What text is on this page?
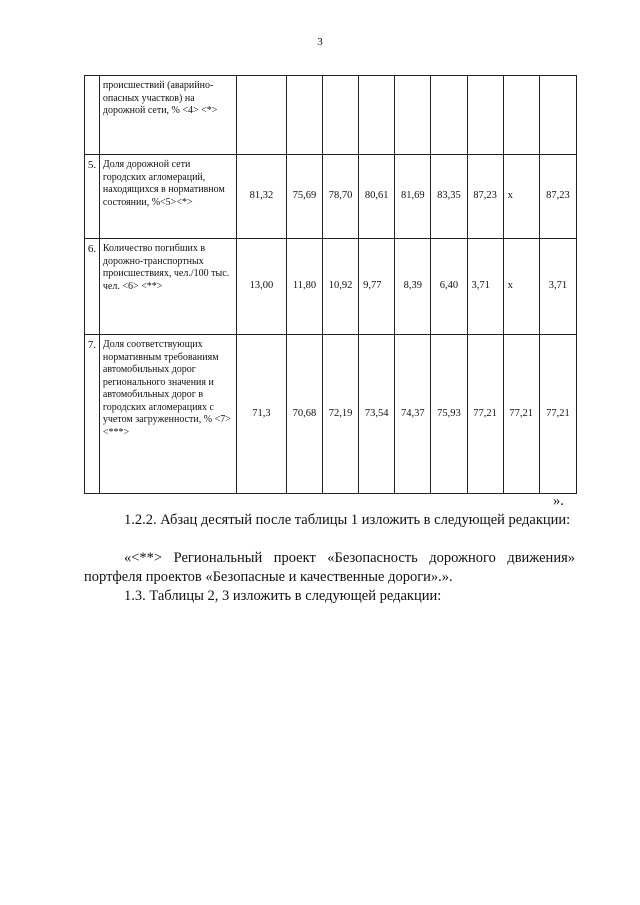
3
	происшествий (аварийно-опасных участков) на дорожной сети, % <4> <*>									
5.	Доля дорожной сети городских агломераций, находящихся в нормативном состоянии, %<5><*>	81,32	75,69	78,70	80,61	81,69	83,35	87,23	x	87,23
6.	Количество погибших в дорожно-транспортных происшествиях, чел./100 тыс. чел. <6> <**>	13,00	11,80	10,92	9,77	8,39	6,40	3,71	x	3,71
7.	Доля соответствующих нормативным требованиям автомобильных дорог регионального значения и автомобильных дорог в городских агломерациях с учетом загруженности, % <7> <***>	71,3	70,68	72,19	73,54	74,37	75,93	77,21	77,21	77,21
».

1.2.2. Абзац десятый после таблицы 1 изложить в следующей редакции:

«<**> Региональный проект «Безопасность дорожного движения» портфеля проектов «Безопасные и качественные дороги».».

1.3. Таблицы 2, 3 изложить в следующей редакции:
